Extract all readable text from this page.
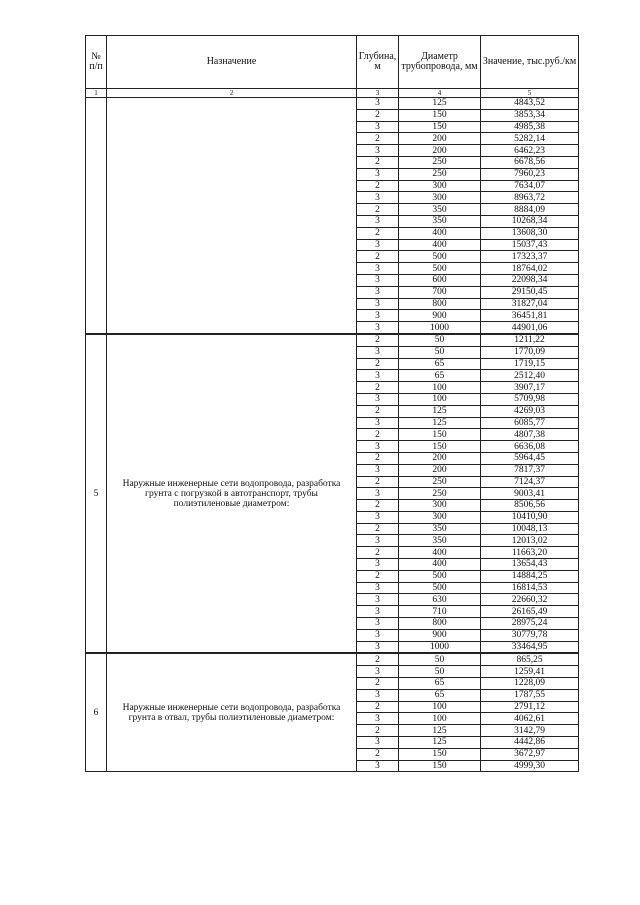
№ п/п	Назначение	Глубина, м	Диаметр трубопровода, мм	Значение, тыс.руб./км
1	2	3	4	5
		3	125	4843,52
		2	150	3853,34
		3	150	4985,38
		2	200	5282,14
		3	200	6462,23
		2	250	6678,56
		3	250	7960,23
		2	300	7634,07
		3	300	8963,72
		2	350	8884,09
		3	350	10268,34
		2	400	13608,30
		3	400	15037,43
		2	500	17323,37
		3	500	18764,02
		3	600	22098,34
		3	700	29150,45
		3	800	31827,04
		3	900	36451,81
		3	1000	44901,06
5	Наружные инженерные сети водопровода, разработка грунта с погрузкой в автотранспорт, трубы полиэтиленовые диаметром:	2	50	1211,22
		3	50	1770,09
		2	65	1719,15
		3	65	2512,40
		2	100	3907,17
		3	100	5709,98
		2	125	4269,03
		3	125	6085,77
		2	150	4807,38
		3	150	6636,08
		2	200	5964,45
		3	200	7817,37
		2	250	7124,37
		3	250	9003,41
		2	300	8506,56
		3	300	10410,90
		2	350	10048,13
		3	350	12013,02
		2	400	11663,20
		3	400	13654,43
		2	500	14884,25
		3	500	16814,53
		3	630	22660,32
		3	710	26165,49
		3	800	28975,24
		3	900	30779,78
		3	1000	33464,95
6	Наружные инженерные сети водопровода, разработка грунта в отвал, трубы полиэтиленовые диаметром:	2	50	865,25
		3	50	1259,41
		2	65	1228,09
		3	65	1787,55
		2	100	2791,12
		3	100	4062,61
		2	125	3142,79
		3	125	4442,86
		2	150	3672,97
		3	150	4999,30
